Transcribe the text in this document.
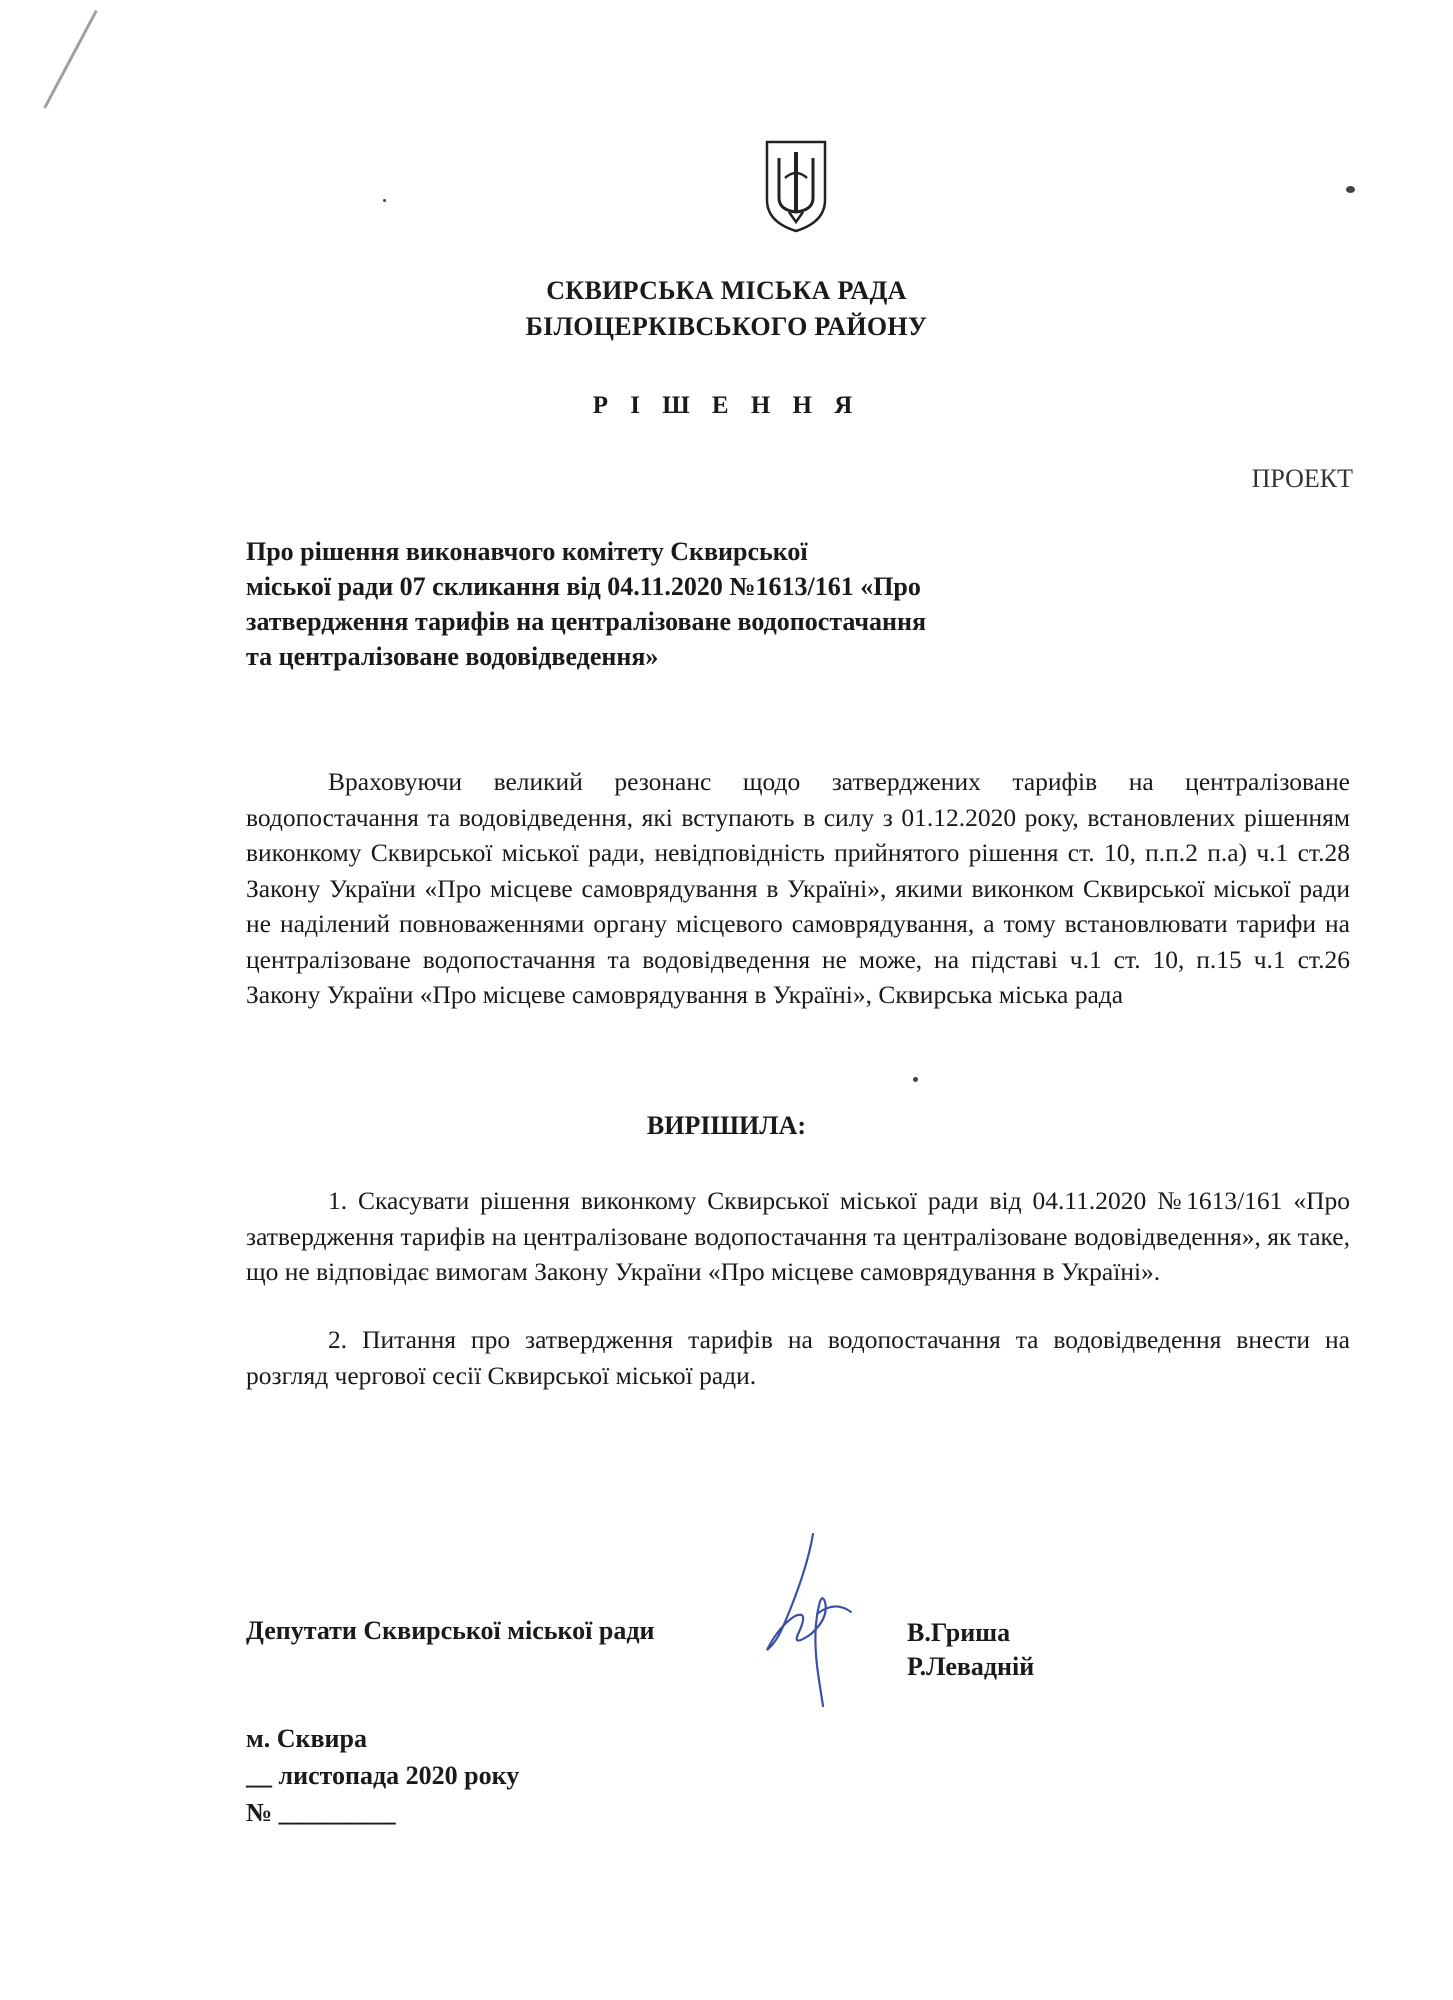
СКВИРСЬКА МІСЬКА РАДА
БІЛОЦЕРКІВСЬКОГО РАЙОНУ
Р І Ш Е Н Н Я
ПРОЕКТ
Про рішення виконавчого комітету Сквирської
міської ради 07 скликання від 04.11.2020 №1613/161 «Про
затвердження тарифів на централізоване водопостачання
та централізоване водовідведення»
Враховуючи великий резонанс щодо затверджених тарифів на централізоване водопостачання та водовідведення, які вступають в силу з 01.12.2020 року, встановлених рішенням виконкому Сквирської міської ради, невідповідність прийнятого рішення ст. 10, п.п.2 п.а) ч.1 ст.28 Закону України «Про місцеве самоврядування в Україні», якими виконком Сквирської міської ради не наділений повноваженнями органу місцевого самоврядування, а тому встановлювати тарифи на централізоване водопостачання та водовідведення не може, на підставі ч.1 ст. 10, п.15 ч.1 ст.26 Закону України «Про місцеве самоврядування в Україні», Сквирська міська рада
ВИРІШИЛА:
1. Скасувати рішення виконкому Сквирської міської ради від 04.11.2020 №1613/161 «Про затвердження тарифів на централізоване водопостачання та централізоване водовідведення», як таке, що не відповідає вимогам Закону України «Про місцеве самоврядування в Україні».
2. Питання про затвердження тарифів на водопостачання та водовідведення внести на розгляд чергової сесії Сквирської міської ради.
Депутати Сквирської міської ради	В.Гриша
Р.Левадній
м. Сквира
__ листопада 2020 року
№ _________
